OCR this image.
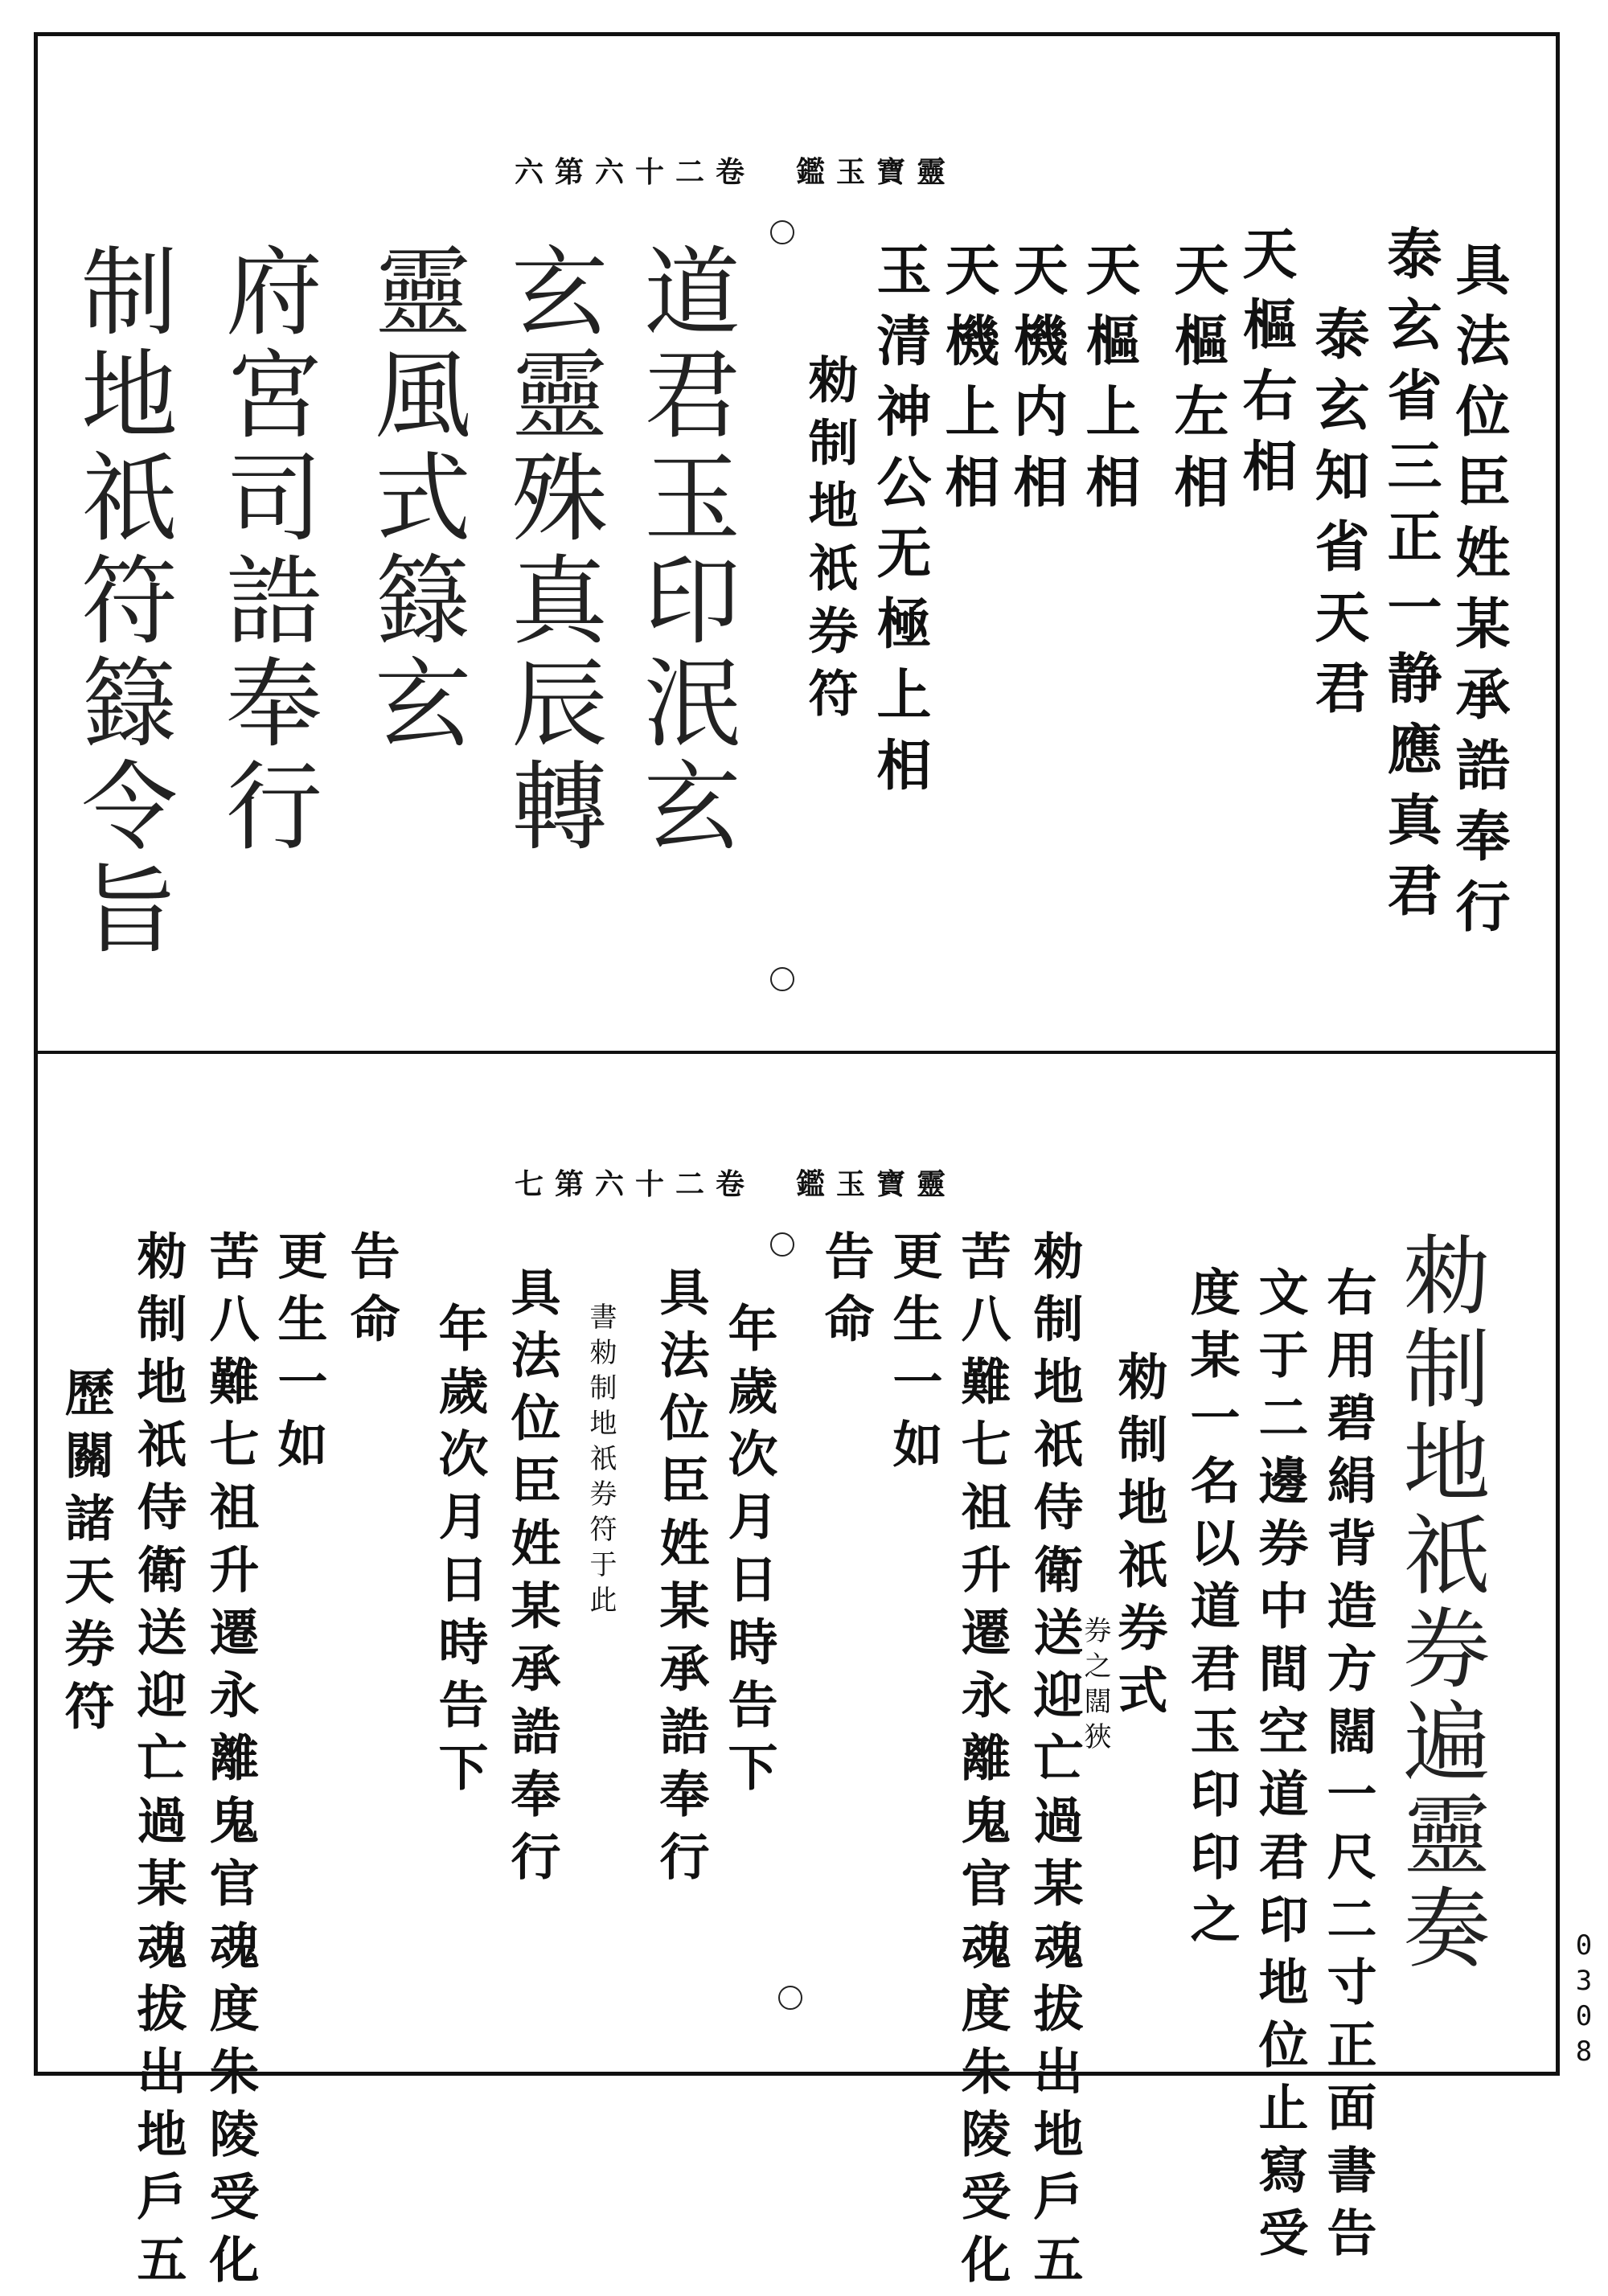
靈寶玉鑑　卷二十六第六
具法位臣姓某承誥奉行
泰玄省三正一静應真君
泰玄知省天君
天樞右相
天樞左相
天樞上相
天機内相
天機上相
玉清神公无極上相
勑制地祇券符
道君玉印泯玄
玄靈殊真辰轉
靈風式籙玄
府宮司誥奉行
制地祇符籙令旨
靈寶玉鑑　卷二十六第七
勑制地祇券遍靈奏
右用碧絹背造方闊一尺二寸正面書告
文于二邊券中間空道君印地位止寫受
度某一名以道君玉印印之
勑制地祇券式
券之闊狹
勑制地祇侍衛送迎亡過某魂拔出地戶五
苦八難七祖升遷永離鬼官魂度朱陵受化
更生一如
告命
年歲次月日時告下
具法位臣姓某承誥奉行
書勑制地祇券符于此
具法位臣姓某承誥奉行
年歲次月日時告下
告命
更生一如
苦八難七祖升遷永離鬼官魂度朱陵受化
勑制地祇侍衛送迎亡過某魂拔出地戶五
歷關諸天券符
0308
